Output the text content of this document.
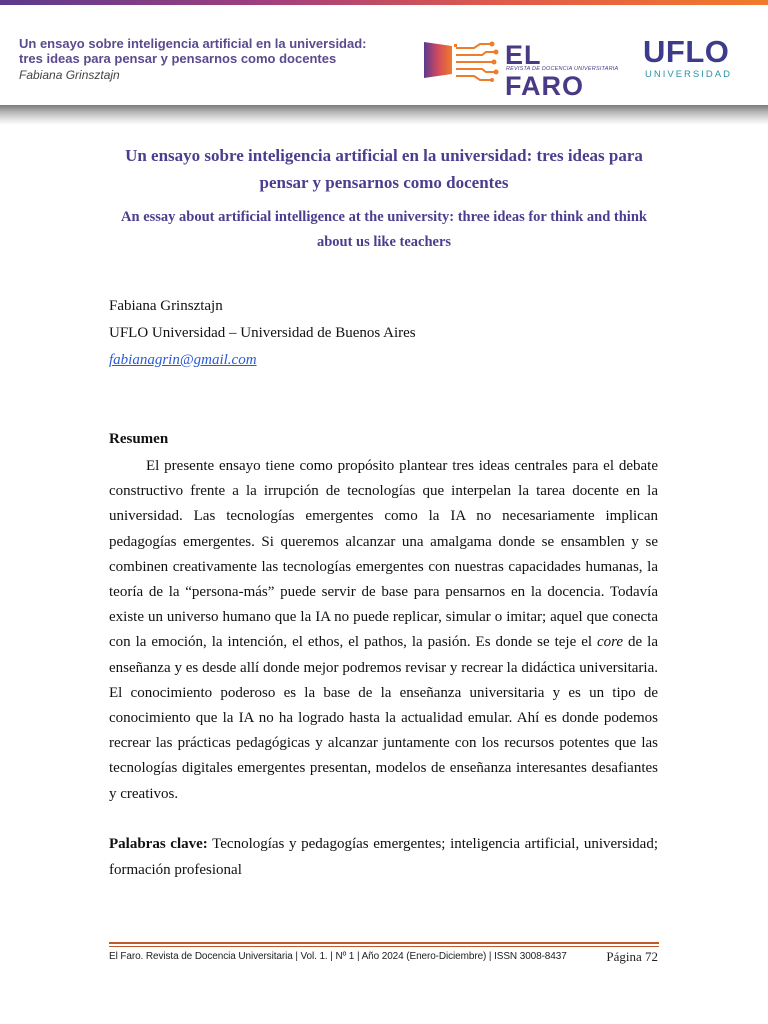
Un ensayo sobre inteligencia artificial en la universidad:
tres ideas para pensar y pensarnos como docentes
Fabiana Grinsztajn
EL FARO
REVISTA DE DOCENCIA UNIVERSITARIA UFLO
UNIVERSIDAD
Un ensayo sobre inteligencia artificial en la universidad: tres ideas para pensar y pensarnos como docentes
An essay about artificial intelligence at the university: three ideas for think and think about us like teachers
Fabiana Grinsztajn
UFLO Universidad – Universidad de Buenos Aires
fabianagrin@gmail.com
Resumen
El presente ensayo tiene como propósito plantear tres ideas centrales para el debate constructivo frente a la irrupción de tecnologías que interpelan la tarea docente en la universidad. Las tecnologías emergentes como la IA no necesariamente implican pedagogías emergentes. Si queremos alcanzar una amalgama donde se ensamblen y se combinen creativamente las tecnologías emergentes con nuestras capacidades humanas, la teoría de la “persona-más” puede servir de base para pensarnos en la docencia. Todavía existe un universo humano que la IA no puede replicar, simular o imitar; aquel que conecta con la emoción, la intención, el ethos, el pathos, la pasión. Es donde se teje el core de la enseñanza y es desde allí donde mejor podremos revisar y recrear la didáctica universitaria. El conocimiento poderoso es la base de la enseñanza universitaria y es un tipo de conocimiento que la IA no ha logrado hasta la actualidad emular. Ahí es donde podemos recrear las prácticas pedagógicas y alcanzar juntamente con los recursos potentes que las tecnologías digitales emergentes presentan, modelos de enseñanza interesantes desafiantes y creativos.
Palabras clave: Tecnologías y pedagogías emergentes; inteligencia artificial, universidad; formación profesional
El Faro. Revista de Docencia Universitaria | Vol. 1. | Nº 1 | Año 2024 (Enero-Diciembre) | ISSN 3008-8437	Página 72
